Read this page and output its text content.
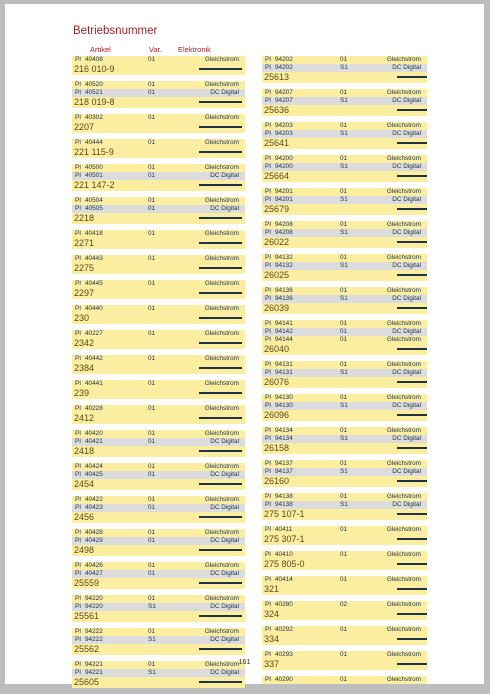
Betriebsnummer
Artikel	Var. Elektronik
PI 40408	01	Gleichstrom
216 010-9
PI 40520	01	Gleichstrom
PI 40521	01	DC Digital
218 019-8
PI 40302	01	Gleichstrom
2207
PI 40444	01	Gleichstrom
221 115-9
PI 40500	01	Gleichstrom
PI 40501	01	DC Digital
221 147-2
PI 40504	01	Gleichstrom
PI 40505	01	DC Digital
2218
PI 40418	01	Gleichstrom
2271
PI 40443	01	Gleichstrom
2275
PI 40445	01	Gleichstrom
2297
PI 40440	01	Gleichstrom
230
PI 40227	01	Gleichstrom
2342
PI 40442	01	Gleichstrom
2384
PI 40441	01	Gleichstrom
239
PI 40228	01	Gleichstrom
2412
PI 40420	01	Gleichstrom
PI 40421	01	DC Digital
2418
PI 40424	01	Gleichstrom
PI 40425	01	DC Digital
2454
PI 40422	01	Gleichstrom
PI 40423	01	DC Digital
2456
PI 40428	01	Gleichstrom
PI 40429	01	DC Digital
2498
PI 40426	01	Gleichstrom
PI 40427	01	DC Digital
25559
PI 94220	01	Gleichstrom
PI 94220	S1	DC Digital
25561
PI 94222	01	Gleichstrom
PI 94222	S1	DC Digital
25562
PI 94221	01	Gleichstrom
PI 94221	S1	DC Digital
25605
PI 94202	01	Gleichstrom
PI 94202	S1	DC Digital
25613
PI 94207	01	Gleichstrom
PI 94207	S1	DC Digital
25636
PI 94203	01	Gleichstrom
PI 94203	S1	DC Digital
25641
PI 94200	01	Gleichstrom
PI 94200	S1	DC Digital
25664
PI 94201	01	Gleichstrom
PI 94201	S1	DC Digital
25679
PI 94208	01	Gleichstrom
PI 94208	S1	DC Digital
26022
PI 94132	01	Gleichstrom
PI 94132	S1	DC Digital
26025
PI 94136	01	Gleichstrom
PI 94136	S1	DC Digital
26039
PI 94141	01	Gleichstrom
PI 94142	01	DC Digital
PI 94144	01	Gleichstrom
26040
PI 94131	01	Gleichstrom
PI 94131	S1	DC Digital
26076
PI 94130	01	Gleichstrom
PI 94130	S1	DC Digital
26096
PI 94134	01	Gleichstrom
PI 94134	S1	DC Digital
26158
PI 94137	01	Gleichstrom
PI 94137	S1	DC Digital
26160
PI 94138	01	Gleichstrom
PI 94138	S1	DC Digital
275 107-1
PI 40411	01	Gleichstrom
275 307-1
PI 40410	01	Gleichstrom
275 805-0
PI 40414	01	Gleichstrom
321
PI 40280	02	Gleichstrom
324
PI 40292	01	Gleichstrom
334
PI 40293	01	Gleichstrom
337
PI 40290	01	Gleichstrom
161
